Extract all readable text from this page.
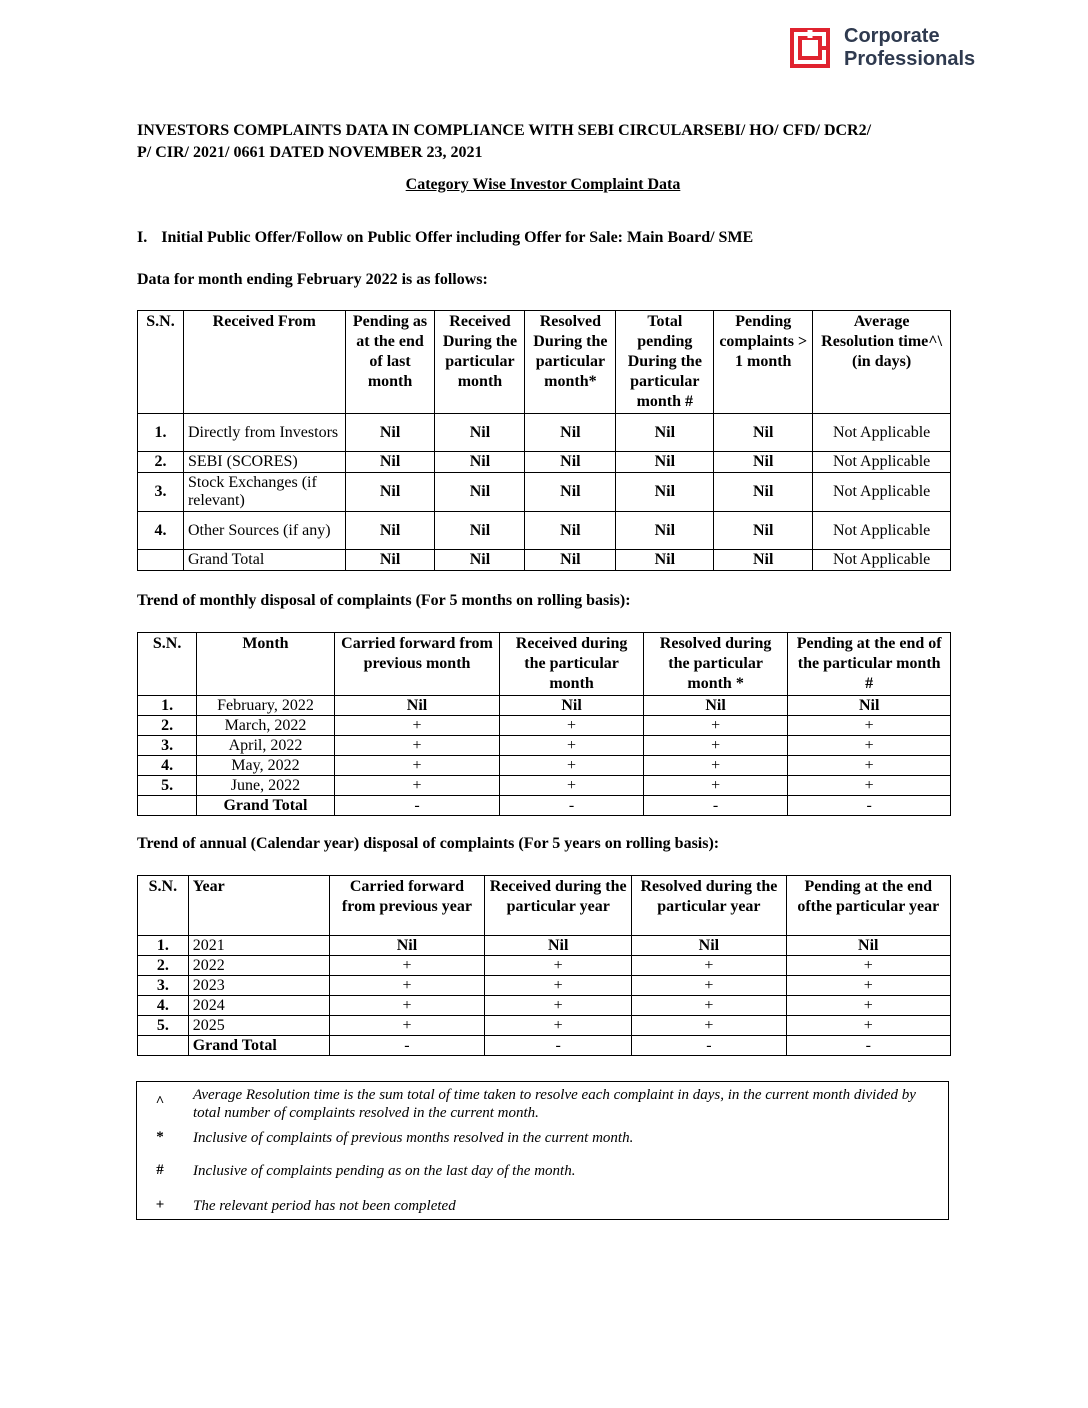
Corporate
Professionals
INVESTORS COMPLAINTS DATA IN COMPLIANCE WITH SEBI CIRCULARSEBI/ HO/ CFD/ DCR2/
P/ CIR/ 2021/ 0661 DATED NOVEMBER 23, 2021
Category Wise Investor Complaint Data
I. Initial Public Offer/Follow on Public Offer including Offer for Sale: Main Board/ SME
Data for month ending February 2022 is as follows:
S.N.	Received From	Pending as at the end of last month	Received During the particular month	Resolved During the particular month*	Total pending During the particular month #	Pending complaints > 1 month	Average Resolution time^\ (in days)
1.	Directly from Investors	Nil	Nil	Nil	Nil	Nil	Not Applicable
2.	SEBI (SCORES)	Nil	Nil	Nil	Nil	Nil	Not Applicable
3.	Stock Exchanges (if relevant)	Nil	Nil	Nil	Nil	Nil	Not Applicable
4.	Other Sources (if any)	Nil	Nil	Nil	Nil	Nil	Not Applicable
	Grand Total	Nil	Nil	Nil	Nil	Nil	Not Applicable
Trend of monthly disposal of complaints (For 5 months on rolling basis):
S.N.	Month	Carried forward from previous month	Received during the particular month	Resolved during the particular month *	Pending at the end of the particular month #
1.	February, 2022	Nil	Nil	Nil	Nil
2.	March, 2022	+	+	+	+
3.	April, 2022	+	+	+	+
4.	May, 2022	+	+	+	+
5.	June, 2022	+	+	+	+
	Grand Total	-	-	-	-
Trend of annual (Calendar year) disposal of complaints (For 5 years on rolling basis):
S.N.	Year	Carried forward from previous year	Received during the particular year	Resolved during the particular year	Pending at the end ofthe particular year
1.	2021	Nil	Nil	Nil	Nil
2.	2022	+	+	+	+
3.	2023	+	+	+	+
4.	2024	+	+	+	+
5.	2025	+	+	+	+
	Grand Total	-	-	-	-
^ Average Resolution time is the sum total of time taken to resolve each complaint in days, in the current month divided by total number of complaints resolved in the current month.
* Inclusive of complaints of previous months resolved in the current month.
# Inclusive of complaints pending as on the last day of the month.
+ The relevant period has not been completed
